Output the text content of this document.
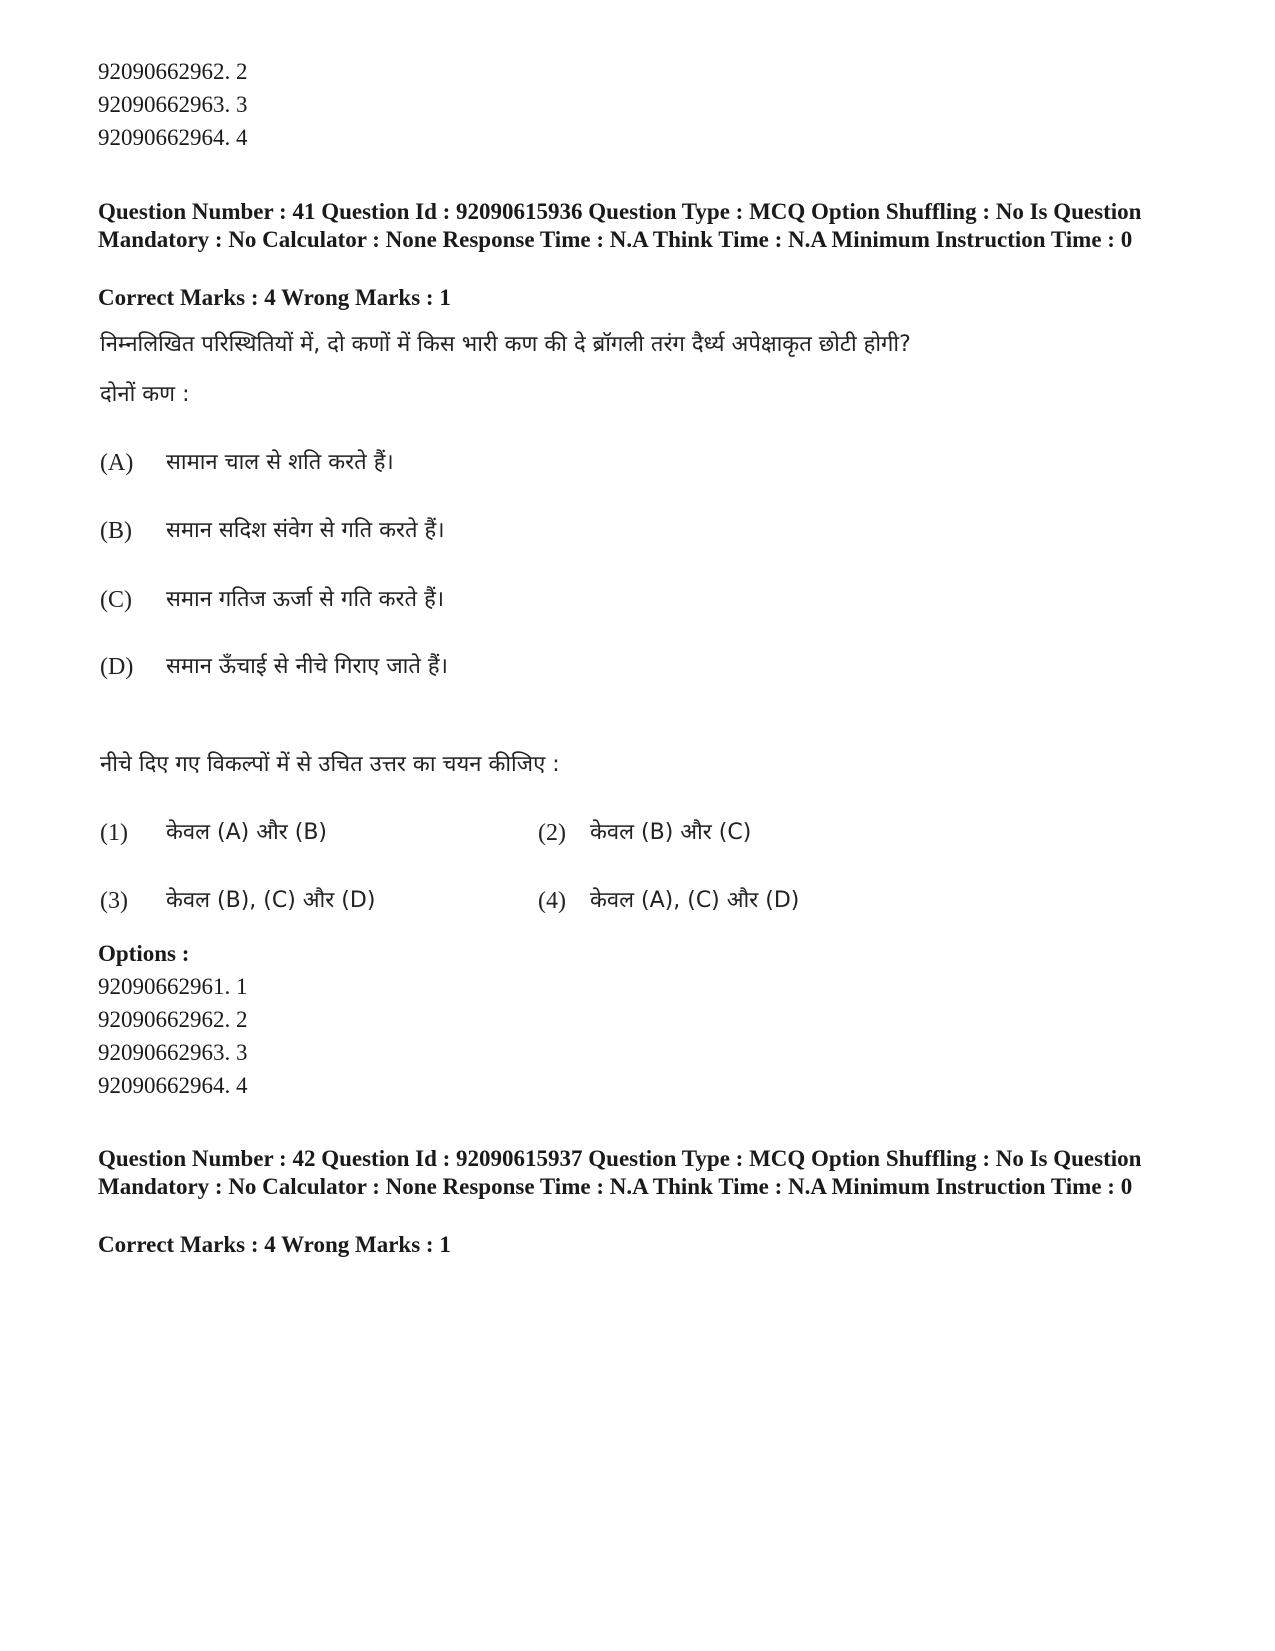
92090662962. 2
92090662963. 3
92090662964. 4
Question Number : 41 Question Id : 92090615936 Question Type : MCQ Option Shuffling : No Is Question Mandatory : No Calculator : None Response Time : N.A Think Time : N.A Minimum Instruction Time : 0
Correct Marks : 4 Wrong Marks : 1
निम्नलिखित परिस्थितियों में, दो कणों में किस भारी कण की दे ब्रॉगली तरंग दैर्ध्य अपेक्षाकृत छोटी होगी?
दोनों कण :
(A) सामान चाल से शति करते हैं।
(B) समान सदिश संवेग से गति करते हैं।
(C) समान गतिज ऊर्जा से गति करते हैं।
(D) समान ऊँचाई से नीचे गिराए जाते हैं।
नीचे दिए गए विकल्पों में से उचित उत्तर का चयन कीजिए :
(1) केवल (A) और (B)	(2) केवल (B) और (C)
(3) केवल (B), (C) और (D)	(4) केवल (A), (C) और (D)
Options :
92090662961. 1
92090662962. 2
92090662963. 3
92090662964. 4
Question Number : 42 Question Id : 92090615937 Question Type : MCQ Option Shuffling : No Is Question Mandatory : No Calculator : None Response Time : N.A Think Time : N.A Minimum Instruction Time : 0
Correct Marks : 4 Wrong Marks : 1
